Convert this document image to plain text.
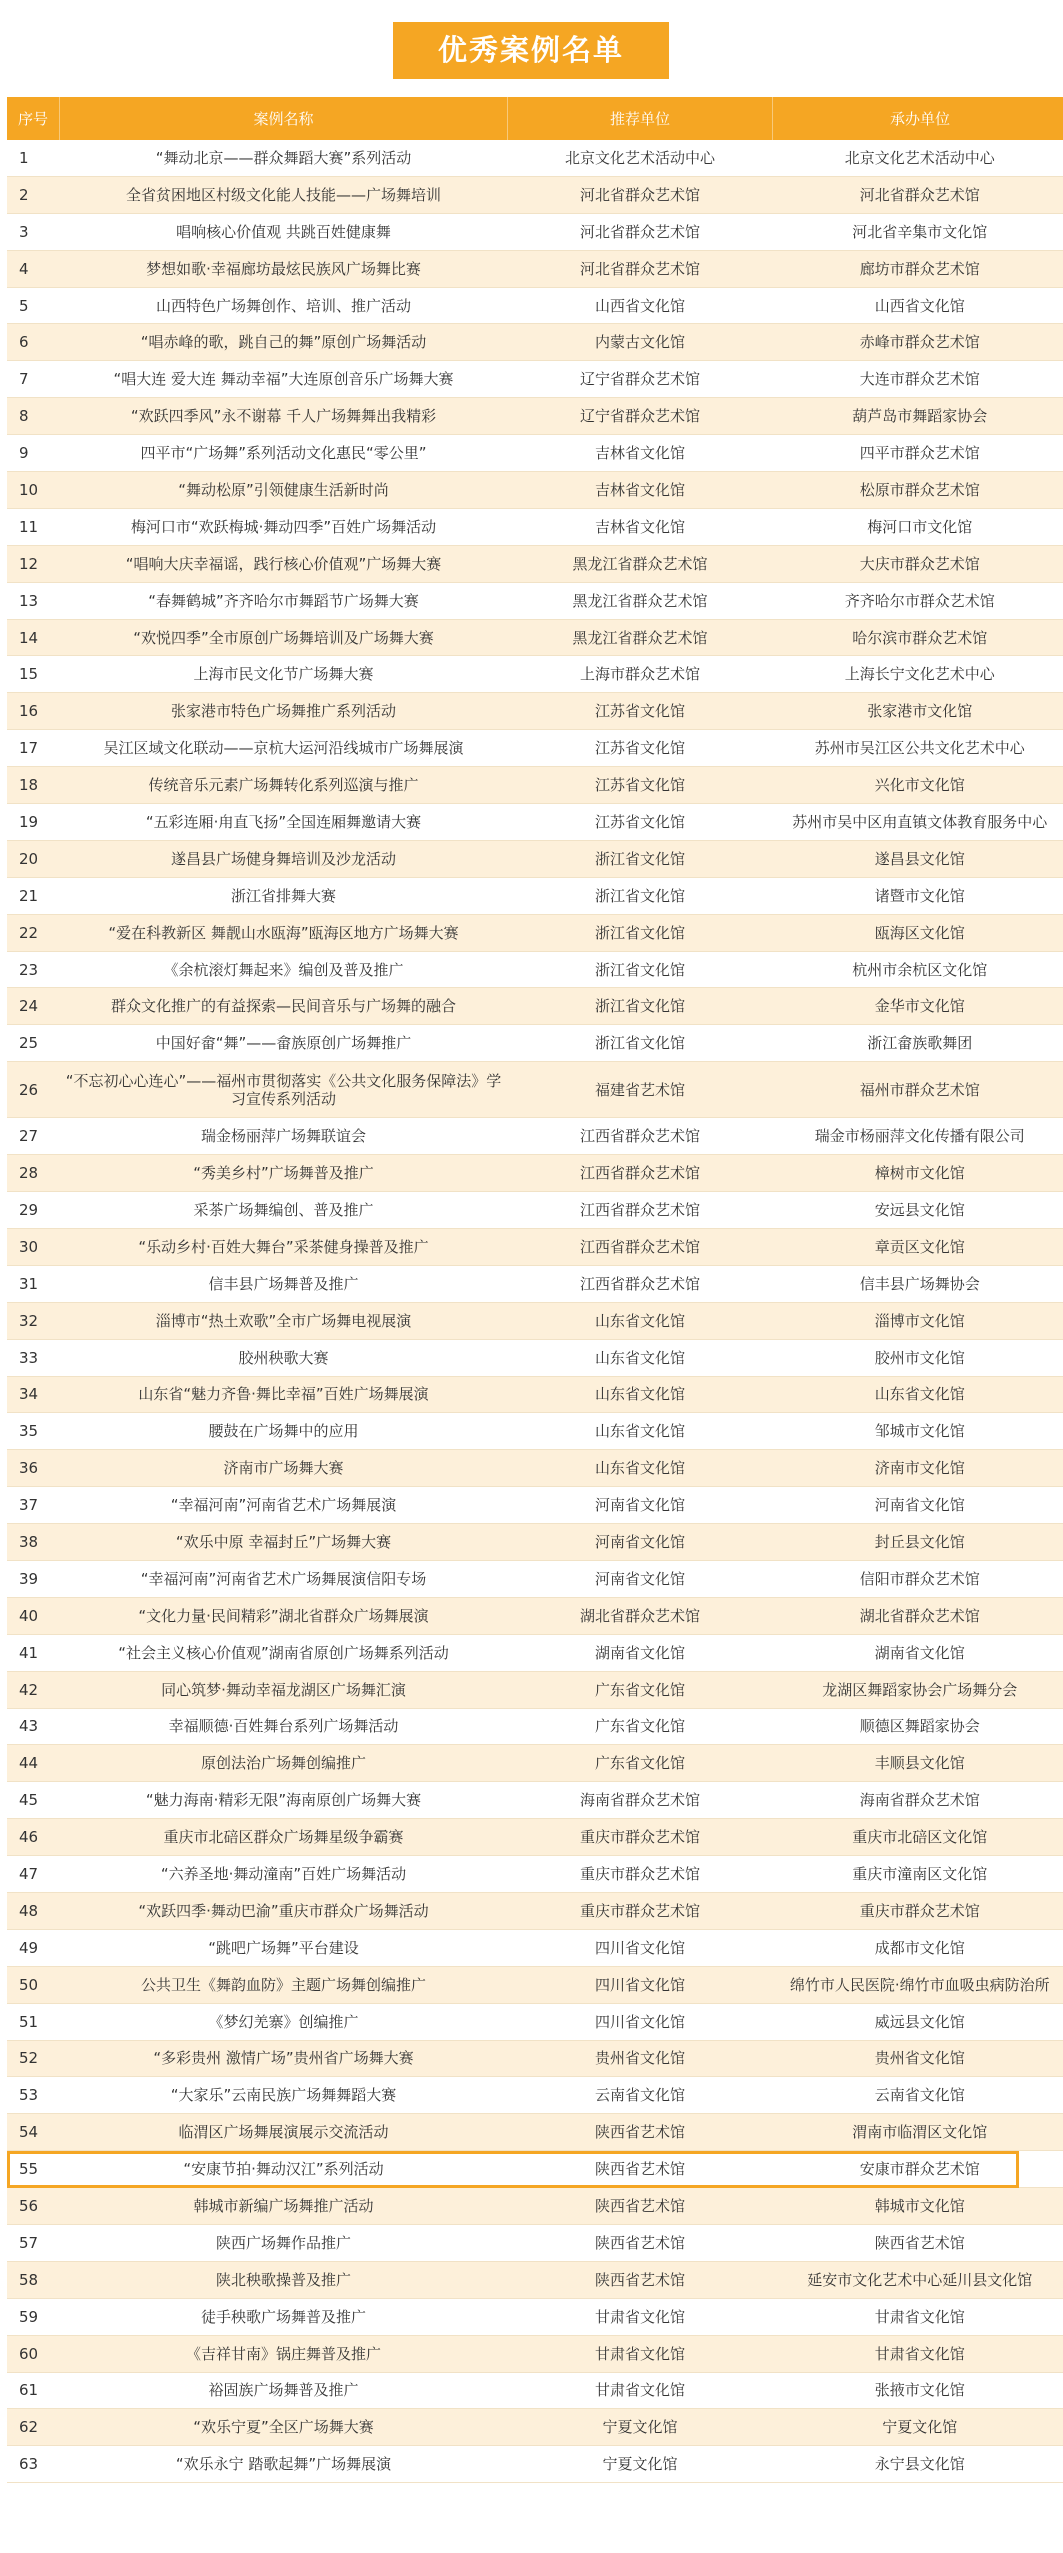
优秀案例名单
序号	案例名称	推荐单位	承办单位
1	“舞动北京——群众舞蹈大赛”系列活动	北京文化艺术活动中心	北京文化艺术活动中心
2	全省贫困地区村级文化能人技能——广场舞培训	河北省群众艺术馆	河北省群众艺术馆
3	唱响核心价值观 共跳百姓健康舞	河北省群众艺术馆	河北省辛集市文化馆
4	梦想如歌·幸福廊坊最炫民族风广场舞比赛	河北省群众艺术馆	廊坊市群众艺术馆
5	山西特色广场舞创作、培训、推广活动	山西省文化馆	山西省文化馆
6	“唱赤峰的歌，跳自己的舞”原创广场舞活动	内蒙古文化馆	赤峰市群众艺术馆
7	“唱大连 爱大连 舞动幸福”大连原创音乐广场舞大赛	辽宁省群众艺术馆	大连市群众艺术馆
8	“欢跃四季风”永不谢幕 千人广场舞舞出我精彩	辽宁省群众艺术馆	葫芦岛市舞蹈家协会
9	四平市“广场舞”系列活动文化惠民“零公里”	吉林省文化馆	四平市群众艺术馆
10	“舞动松原”引领健康生活新时尚	吉林省文化馆	松原市群众艺术馆
11	梅河口市“欢跃梅城·舞动四季”百姓广场舞活动	吉林省文化馆	梅河口市文化馆
12	“唱响大庆幸福谣，践行核心价值观”广场舞大赛	黑龙江省群众艺术馆	大庆市群众艺术馆
13	“春舞鹤城”齐齐哈尔市舞蹈节广场舞大赛	黑龙江省群众艺术馆	齐齐哈尔市群众艺术馆
14	“欢悦四季”全市原创广场舞培训及广场舞大赛	黑龙江省群众艺术馆	哈尔滨市群众艺术馆
15	上海市民文化节广场舞大赛	上海市群众艺术馆	上海长宁文化艺术中心
16	张家港市特色广场舞推广系列活动	江苏省文化馆	张家港市文化馆
17	吴江区域文化联动——京杭大运河沿线城市广场舞展演	江苏省文化馆	苏州市吴江区公共文化艺术中心
18	传统音乐元素广场舞转化系列巡演与推广	江苏省文化馆	兴化市文化馆
19	“五彩连厢·甪直飞扬”全国连厢舞邀请大赛	江苏省文化馆	苏州市吴中区甪直镇文体教育服务中心
20	遂昌县广场健身舞培训及沙龙活动	浙江省文化馆	遂昌县文化馆
21	浙江省排舞大赛	浙江省文化馆	诸暨市文化馆
22	“爱在科教新区 舞靓山水瓯海”瓯海区地方广场舞大赛	浙江省文化馆	瓯海区文化馆
23	《余杭滚灯舞起来》编创及普及推广	浙江省文化馆	杭州市余杭区文化馆
24	群众文化推广的有益探索—民间音乐与广场舞的融合	浙江省文化馆	金华市文化馆
25	中国好畲“舞”——畲族原创广场舞推广	浙江省文化馆	浙江畲族歌舞团
26	“不忘初心心连心”——福州市贯彻落实《公共文化服务保障法》学习宣传系列活动	福建省艺术馆	福州市群众艺术馆
27	瑞金杨丽萍广场舞联谊会	江西省群众艺术馆	瑞金市杨丽萍文化传播有限公司
28	“秀美乡村”广场舞普及推广	江西省群众艺术馆	樟树市文化馆
29	采茶广场舞编创、普及推广	江西省群众艺术馆	安远县文化馆
30	“乐动乡村·百姓大舞台”采茶健身操普及推广	江西省群众艺术馆	章贡区文化馆
31	信丰县广场舞普及推广	江西省群众艺术馆	信丰县广场舞协会
32	淄博市“热土欢歌”全市广场舞电视展演	山东省文化馆	淄博市文化馆
33	胶州秧歌大赛	山东省文化馆	胶州市文化馆
34	山东省“魅力齐鲁·舞比幸福”百姓广场舞展演	山东省文化馆	山东省文化馆
35	腰鼓在广场舞中的应用	山东省文化馆	邹城市文化馆
36	济南市广场舞大赛	山东省文化馆	济南市文化馆
37	“幸福河南”河南省艺术广场舞展演	河南省文化馆	河南省文化馆
38	“欢乐中原 幸福封丘”广场舞大赛	河南省文化馆	封丘县文化馆
39	“幸福河南”河南省艺术广场舞展演信阳专场	河南省文化馆	信阳市群众艺术馆
40	“文化力量·民间精彩”湖北省群众广场舞展演	湖北省群众艺术馆	湖北省群众艺术馆
41	“社会主义核心价值观”湖南省原创广场舞系列活动	湖南省文化馆	湖南省文化馆
42	同心筑梦·舞动幸福龙湖区广场舞汇演	广东省文化馆	龙湖区舞蹈家协会广场舞分会
43	幸福顺德·百姓舞台系列广场舞活动	广东省文化馆	顺德区舞蹈家协会
44	原创法治广场舞创编推广	广东省文化馆	丰顺县文化馆
45	“魅力海南·精彩无限”海南原创广场舞大赛	海南省群众艺术馆	海南省群众艺术馆
46	重庆市北碚区群众广场舞星级争霸赛	重庆市群众艺术馆	重庆市北碚区文化馆
47	“六养圣地·舞动潼南”百姓广场舞活动	重庆市群众艺术馆	重庆市潼南区文化馆
48	“欢跃四季·舞动巴渝”重庆市群众广场舞活动	重庆市群众艺术馆	重庆市群众艺术馆
49	“跳吧广场舞”平台建设	四川省文化馆	成都市文化馆
50	公共卫生《舞韵血防》主题广场舞创编推广	四川省文化馆	绵竹市人民医院·绵竹市血吸虫病防治所
51	《梦幻羌寨》创编推广	四川省文化馆	威远县文化馆
52	“多彩贵州 激情广场”贵州省广场舞大赛	贵州省文化馆	贵州省文化馆
53	“大家乐”云南民族广场舞舞蹈大赛	云南省文化馆	云南省文化馆
54	临渭区广场舞展演展示交流活动	陕西省艺术馆	渭南市临渭区文化馆
55	“安康节拍·舞动汉江”系列活动	陕西省艺术馆	安康市群众艺术馆
56	韩城市新编广场舞推广活动	陕西省艺术馆	韩城市文化馆
57	陕西广场舞作品推广	陕西省艺术馆	陕西省艺术馆
58	陕北秧歌操普及推广	陕西省艺术馆	延安市文化艺术中心延川县文化馆
59	徒手秧歌广场舞普及推广	甘肃省文化馆	甘肃省文化馆
60	《吉祥甘南》锅庄舞普及推广	甘肃省文化馆	甘肃省文化馆
61	裕固族广场舞普及推广	甘肃省文化馆	张掖市文化馆
62	“欢乐宁夏”全区广场舞大赛	宁夏文化馆	宁夏文化馆
63	“欢乐永宁 踏歌起舞”广场舞展演	宁夏文化馆	永宁县文化馆
